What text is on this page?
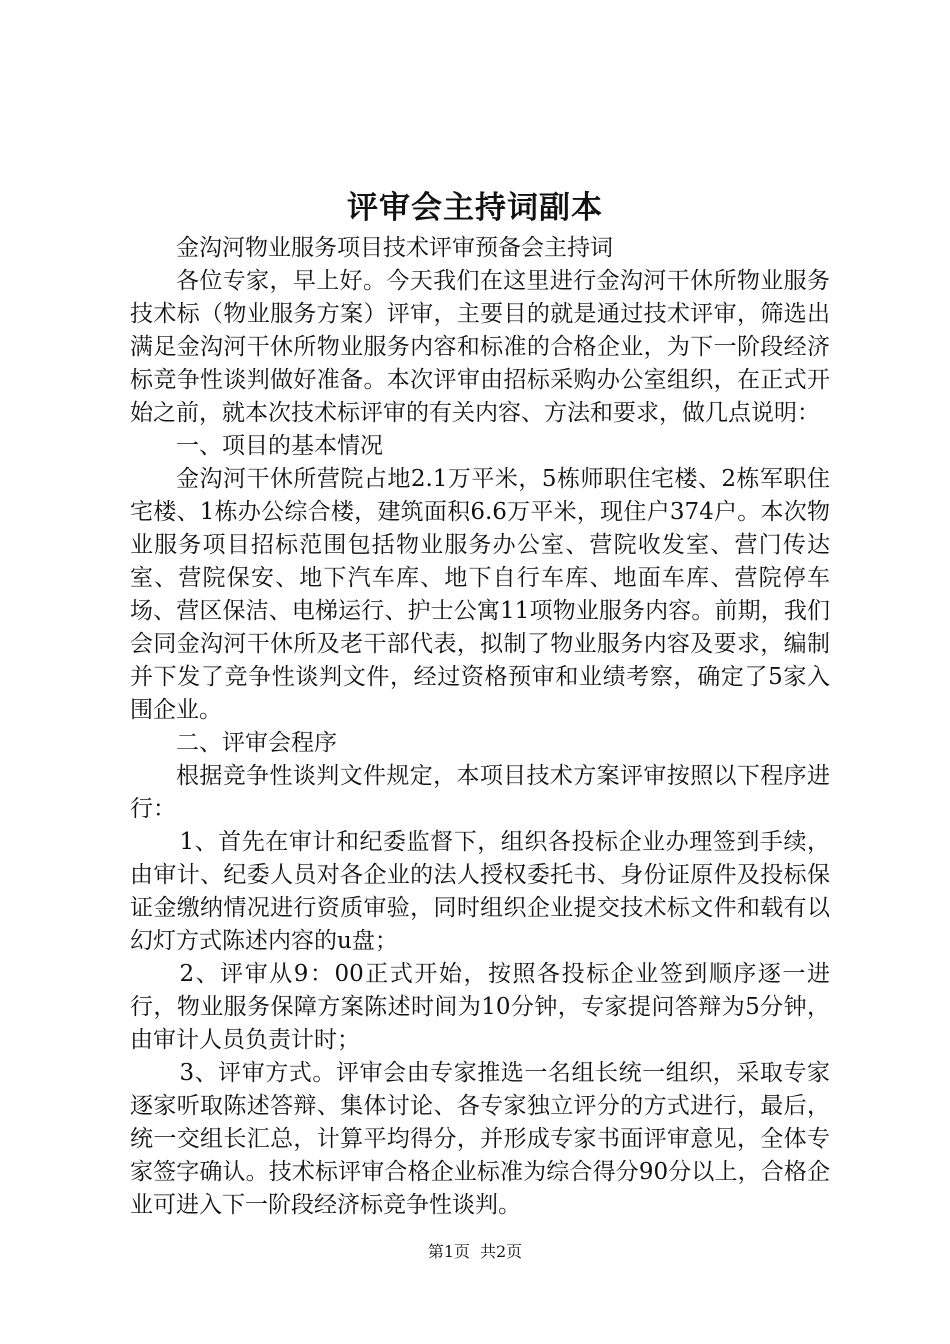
评审会主持词副本

金沟河物业服务项目技术评审预备会主持词

各位专家，早上好。今天我们在这里进行金沟河干休所物业服务技术标（物业服务方案）评审，主要目的就是通过技术评审，筛选出满足金沟河干休所物业服务内容和标准的合格企业，为下一阶段经济标竞争性谈判做好准备。本次评审由招标采购办公室组织，在正式开始之前，就本次技术标评审的有关内容、方法和要求，做几点说明：

一、项目的基本情况

金沟河干休所营院占地2.1万平米，5栋师职住宅楼、2栋军职住宅楼、1栋办公综合楼，建筑面积6.6万平米，现住户374户。本次物业服务项目招标范围包括物业服务办公室、营院收发室、营门传达室、营院保安、地下汽车库、地下自行车库、地面车库、营院停车场、营区保洁、电梯运行、护士公寓11项物业服务内容。前期，我们会同金沟河干休所及老干部代表，拟制了物业服务内容及要求，编制并下发了竞争性谈判文件，经过资格预审和业绩考察，确定了5家入围企业。

二、评审会程序

根据竞争性谈判文件规定，本项目技术方案评审按照以下程序进行：

1、首先在审计和纪委监督下，组织各投标企业办理签到手续，由审计、纪委人员对各企业的法人授权委托书、身份证原件及投标保证金缴纳情况进行资质审验，同时组织企业提交技术标文件和载有以幻灯方式陈述内容的u盘；

2、评审从9：00正式开始，按照各投标企业签到顺序逐一进行，物业服务保障方案陈述时间为10分钟，专家提问答辩为5分钟，由审计人员负责计时；

3、评审方式。评审会由专家推选一名组长统一组织，采取专家逐家听取陈述答辩、集体讨论、各专家独立评分的方式进行，最后，统一交组长汇总，计算平均得分，并形成专家书面评审意见，全体专家签字确认。技术标评审合格企业标准为综合得分90分以上，合格企业可进入下一阶段经济标竞争性谈判。

第1页 共2页
